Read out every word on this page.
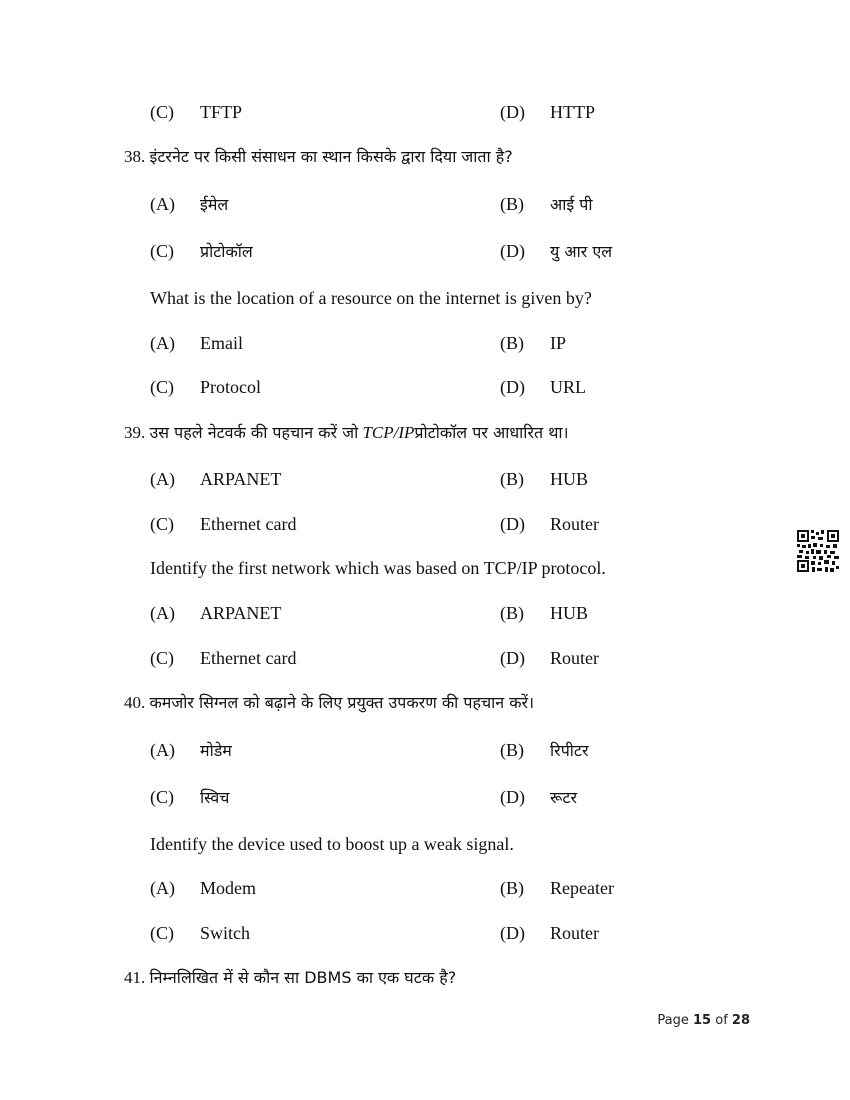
(C) TFTP	(D) HTTP
38. इंटरनेट पर किसी संसाधन का स्थान किसके द्वारा दिया जाता है?
(A) ईमेल	(B) आई पी
(C) प्रोटोकॉल	(D) यु आर एल
What is the location of a resource on the internet is given by?
(A) Email	(B) IP
(C) Protocol	(D) URL
39. उस पहले नेटवर्क की पहचान करें जो TCP/IPप्रोटोकॉल पर आधारित था।
(A) ARPANET	(B) HUB
(C) Ethernet card	(D) Router
Identify the first network which was based on TCP/IP protocol.
(A) ARPANET	(B) HUB
(C) Ethernet card	(D) Router
40. कमजोर सिग्नल को बढ़ाने के लिए प्रयुक्त उपकरण की पहचान करें।
(A) मोडेम	(B) रिपीटर
(C) स्विच	(D) रूटर
Identify the device used to boost up a weak signal.
(A) Modem	(B) Repeater
(C) Switch	(D) Router
41. निम्नलिखित में से कौन सा DBMS का एक घटक है?
Page 15 of 28
